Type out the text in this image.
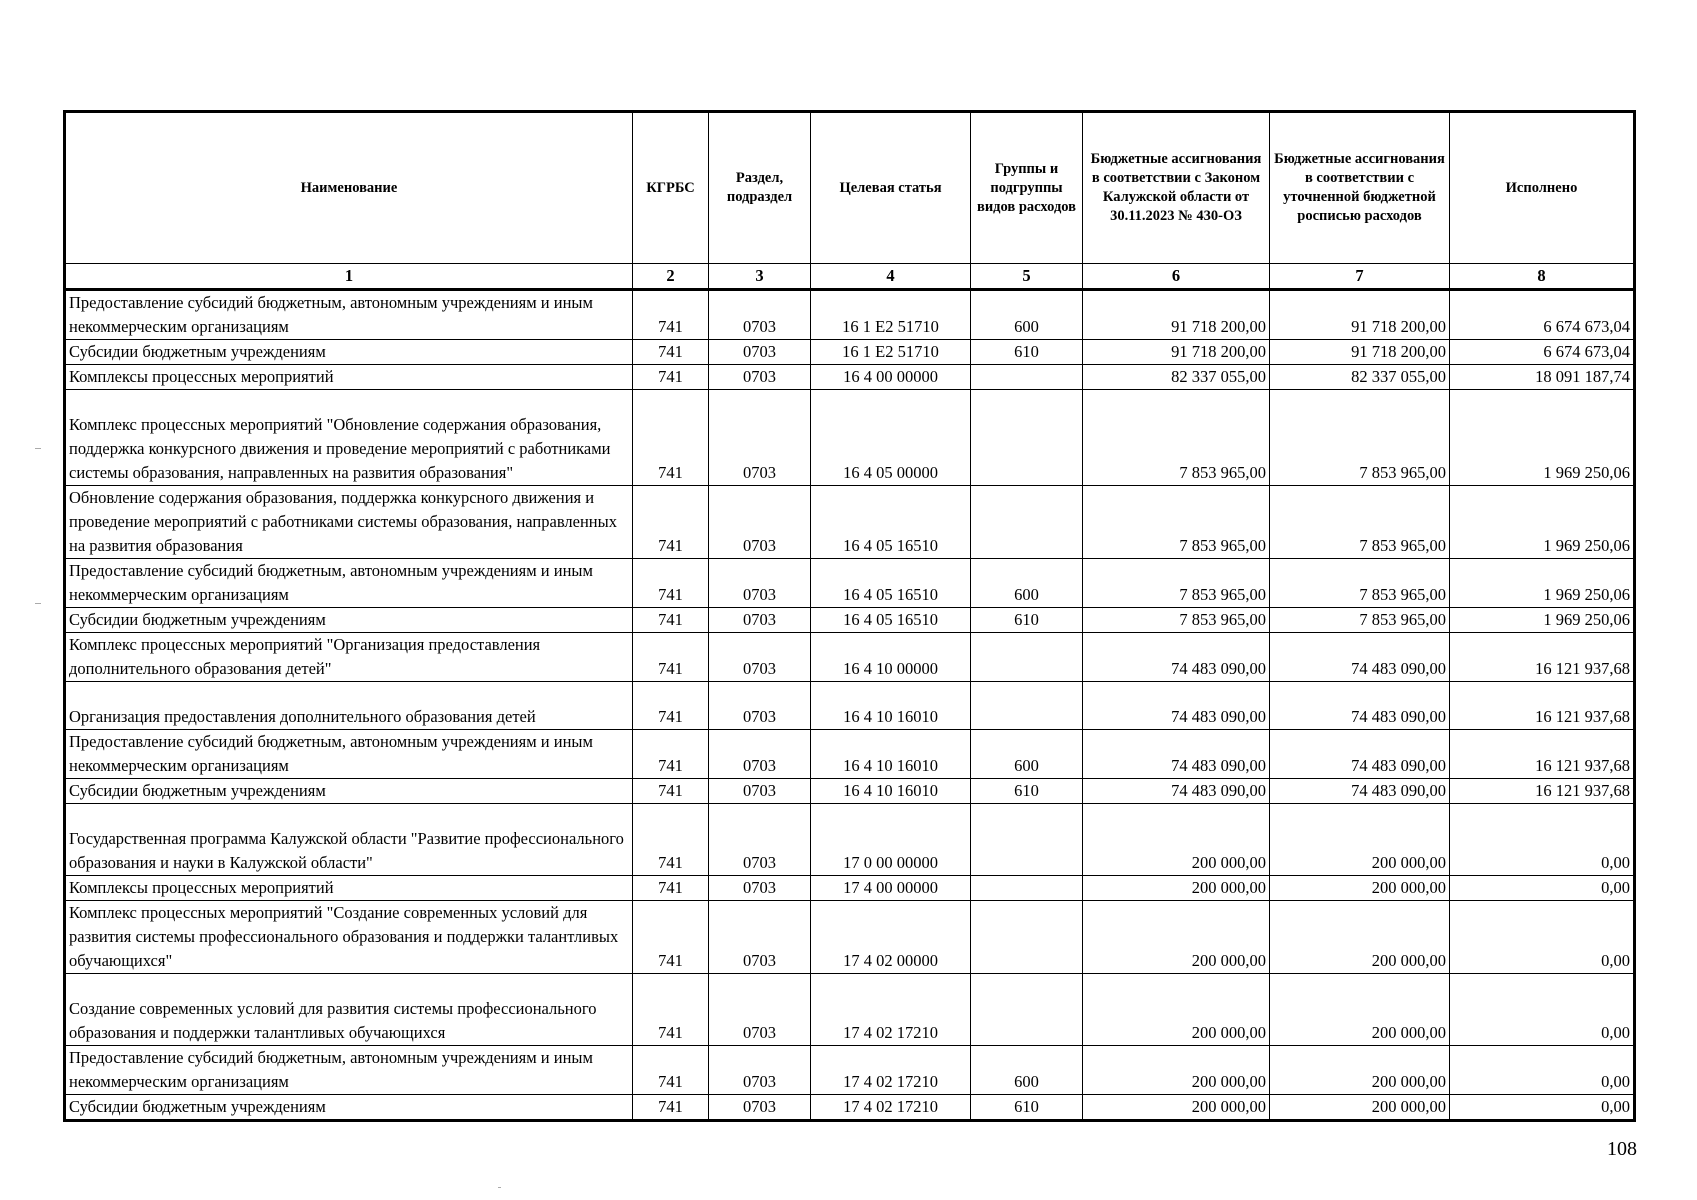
Наименование	КГРБС	Раздел, подраздел	Целевая статья	Группы и подгруппы видов расходов	Бюджетные ассигнования в соответствии с Законом Калужской области от 30.11.2023 № 430-ОЗ	Бюджетные ассигнования в соответствии с уточненной бюджетной росписью расходов	Исполнено
1	2	3	4	5	6	7	8
Предоставление субсидий бюджетным, автономным учреждениям и иным некоммерческим организациям	741	0703	16 1 E2 51710	600	91 718 200,00	91 718 200,00	6 674 673,04
Субсидии бюджетным учреждениям	741	0703	16 1 E2 51710	610	91 718 200,00	91 718 200,00	6 674 673,04
Комплексы процессных мероприятий	741	0703	16 4 00 00000		82 337 055,00	82 337 055,00	18 091 187,74
Комплекс процессных мероприятий "Обновление содержания образования, поддержка конкурсного движения и проведение мероприятий с работниками системы образования, направленных на развития образования"	741	0703	16 4 05 00000		7 853 965,00	7 853 965,00	1 969 250,06
Обновление содержания образования, поддержка конкурсного движения и проведение мероприятий с работниками системы образования, направленных на развития образования	741	0703	16 4 05 16510		7 853 965,00	7 853 965,00	1 969 250,06
Предоставление субсидий бюджетным, автономным учреждениям и иным некоммерческим организациям	741	0703	16 4 05 16510	600	7 853 965,00	7 853 965,00	1 969 250,06
Субсидии бюджетным учреждениям	741	0703	16 4 05 16510	610	7 853 965,00	7 853 965,00	1 969 250,06
Комплекс процессных мероприятий "Организация предоставления дополнительного образования детей"	741	0703	16 4 10 00000		74 483 090,00	74 483 090,00	16 121 937,68
Организация предоставления дополнительного образования детей	741	0703	16 4 10 16010		74 483 090,00	74 483 090,00	16 121 937,68
Предоставление субсидий бюджетным, автономным учреждениям и иным некоммерческим организациям	741	0703	16 4 10 16010	600	74 483 090,00	74 483 090,00	16 121 937,68
Субсидии бюджетным учреждениям	741	0703	16 4 10 16010	610	74 483 090,00	74 483 090,00	16 121 937,68
Государственная программа Калужской области "Развитие профессионального образования и науки в Калужской области"	741	0703	17 0 00 00000		200 000,00	200 000,00	0,00
Комплексы процессных мероприятий	741	0703	17 4 00 00000		200 000,00	200 000,00	0,00
Комплекс процессных мероприятий "Создание современных условий для развития системы профессионального образования и поддержки талантливых обучающихся"	741	0703	17 4 02 00000		200 000,00	200 000,00	0,00
Создание современных условий для развития системы профессионального образования и поддержки талантливых обучающихся	741	0703	17 4 02 17210		200 000,00	200 000,00	0,00
Предоставление субсидий бюджетным, автономным учреждениям и иным некоммерческим организациям	741	0703	17 4 02 17210	600	200 000,00	200 000,00	0,00
Субсидии бюджетным учреждениям	741	0703	17 4 02 17210	610	200 000,00	200 000,00	0,00
108
